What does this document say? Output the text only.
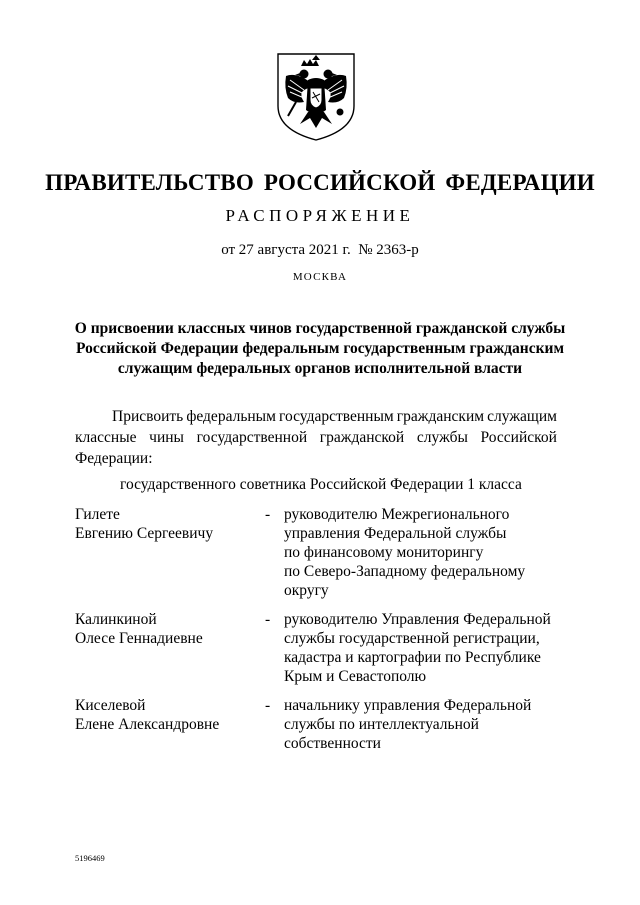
ПРАВИТЕЛЬСТВО РОССИЙСКОЙ ФЕДЕРАЦИИ
РАСПОРЯЖЕНИЕ
от 27 августа 2021 г.  № 2363-р
МОСКВА
О присвоении классных чинов государственной гражданской службы
Российской Федерации федеральным государственным гражданским
служащим федеральных органов исполнительной власти
Присвоить федеральным государственным гражданским служащим
классные чины государственной гражданской службы Российской
Федерации:
государственного советника Российской Федерации 1 класса
Гилете
Евгению Сергеевичу
- руководителю Межрегионального
управления Федеральной службы
по финансовому мониторингу
по Северо-Западному федеральному
округу
Калинкиной
Олесе Геннадиевне
- руководителю Управления Федеральной
службы государственной регистрации,
кадастра и картографии по Республике
Крым и Севастополю
Киселевой
Елене Александровне
- начальнику управления Федеральной
службы по интеллектуальной
собственности
5196469
